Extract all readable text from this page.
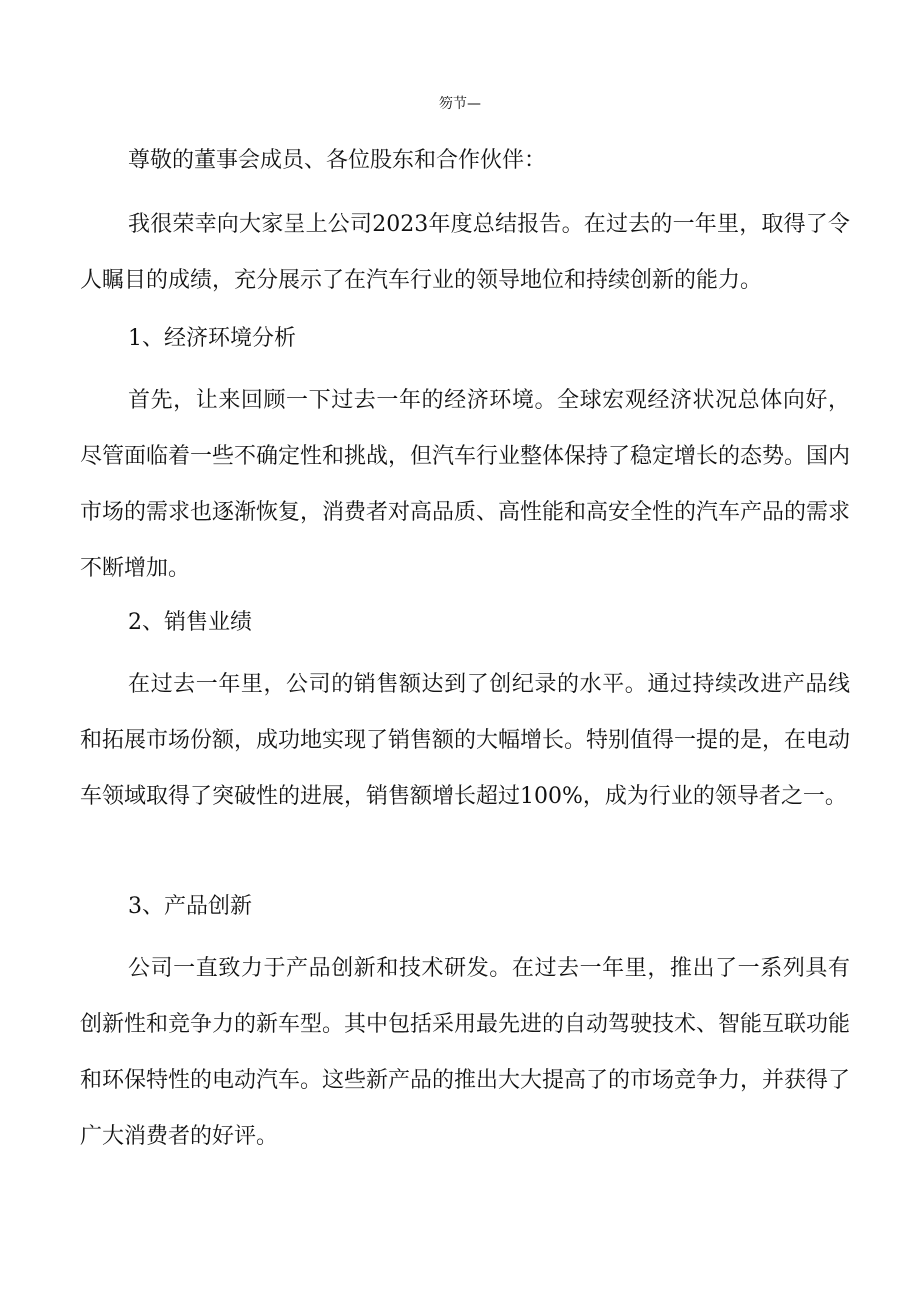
笏节—

尊敬的董事会成员、各位股东和合作伙伴：

我很荣幸向大家呈上公司2023年度总结报告。在过去的一年里，取得了令人瞩目的成绩，充分展示了在汽车行业的领导地位和持续创新的能力。

1、经济环境分析

首先，让来回顾一下过去一年的经济环境。全球宏观经济状况总体向好，尽管面临着一些不确定性和挑战，但汽车行业整体保持了稳定增长的态势。国内市场的需求也逐渐恢复，消费者对高品质、高性能和高安全性的汽车产品的需求不断增加。

2、销售业绩

在过去一年里，公司的销售额达到了创纪录的水平。通过持续改进产品线和拓展市场份额，成功地实现了销售额的大幅增长。特别值得一提的是，在电动车领域取得了突破性的进展，销售额增长超过100%，成为行业的领导者之一。

3、产品创新

公司一直致力于产品创新和技术研发。在过去一年里，推出了一系列具有创新性和竞争力的新车型。其中包括采用最先进的自动驾驶技术、智能互联功能和环保特性的电动汽车。这些新产品的推出大大提高了的市场竞争力，并获得了广大消费者的好评。
